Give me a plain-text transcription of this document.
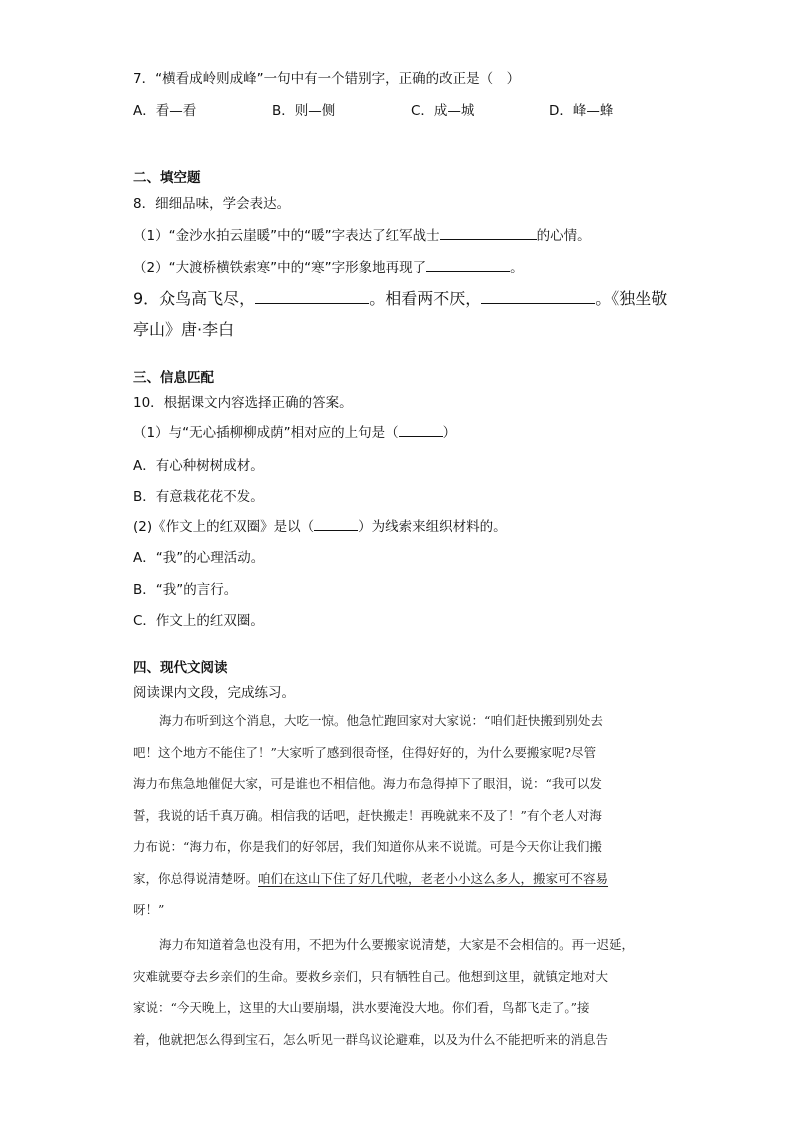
7．“横看成岭则成峰”一句中有一个错别字，正确的改正是（　）
A．看—看	B．则—侧	C．成—城	D．峰—蜂
二、填空题
8．细细品味，学会表达。
（1）“金沙水拍云崖暖”中的“暖”字表达了红军战士	的心情。
（2）“大渡桥横铁索寒”中的“寒”字形象地再现了	。
9．众鸟高飞尽，	。相看两不厌，	。《独坐敬
亭山》唐·李白
三、信息匹配
10．根据课文内容选择正确的答案。
（1）与“无心插柳柳成荫”相对应的上句是（	）
A．有心种树树成材。
B．有意栽花花不发。
(2)《作文上的红双圈》是以（	）为线索来组织材料的。
A．“我”的心理活动。
B．“我”的言行。
C．作文上的红双圈。
四、现代文阅读
阅读课内文段，完成练习。
海力布听到这个消息，大吃一惊。他急忙跑回家对大家说：“咱们赶快搬到别处去
吧！这个地方不能住了！”大家听了感到很奇怪，住得好好的，为什么要搬家呢?尽管
海力布焦急地催促大家，可是谁也不相信他。海力布急得掉下了眼泪，说：“我可以发
誓，我说的话千真万确。相信我的话吧，赶快搬走！再晚就来不及了！”有个老人对海
力布说：“海力布，你是我们的好邻居，我们知道你从来不说谎。可是今天你让我们搬
家，你总得说清楚呀。咱们在这山下住了好几代啦，老老小小这么多人，搬家可不容易
呀！”
海力布知道着急也没有用，不把为什么要搬家说清楚，大家是不会相信的。再一迟延，
灾难就要夺去乡亲们的生命。要救乡亲们，只有牺牲自己。他想到这里，就镇定地对大
家说：“今天晚上，这里的大山要崩塌，洪水要淹没大地。你们看，鸟都飞走了。”接
着，他就把怎么得到宝石，怎么听见一群鸟议论避难，以及为什么不能把听来的消息告
